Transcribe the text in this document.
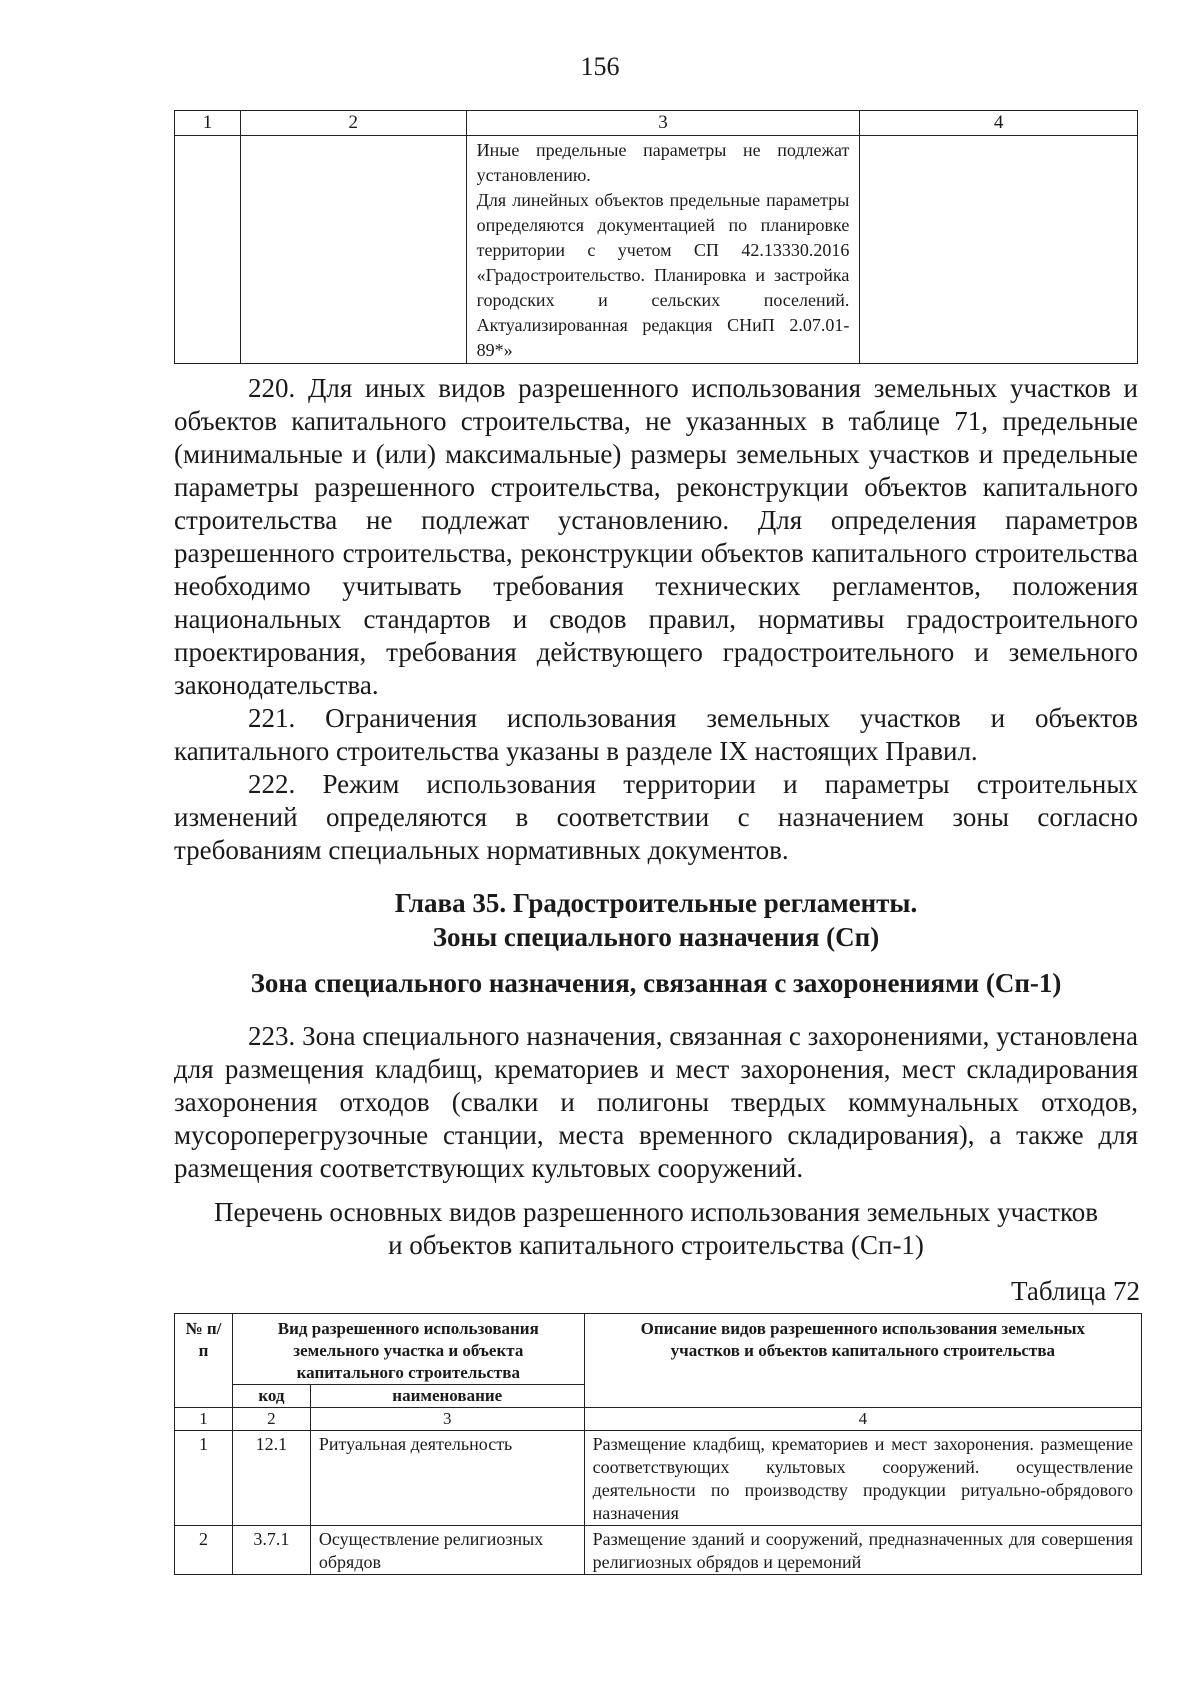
156
1	2	3	4

		Иные предельные параметры не подлежат установлению.

Для линейных объектов предельные параметры определяются документацией по планировке территории с учетом СП 42.13330.2016 «Градостроительство. Планировка и застройка городских и сельских поселений. Актуализированная редакция СНиП 2.07.01-89*»	

220. Для иных видов разрешенного использования земельных участков и объектов капитального строительства, не указанных в таблице 71, предельные (минимальные и (или) максимальные) размеры земельных участков и предельные параметры разрешенного строительства, реконструкции объектов капитального строительства не подлежат установлению. Для определения параметров разрешенного строительства, реконструкции объектов капитального строительства необходимо учитывать требования технических регламентов, положения национальных стандартов и сводов правил, нормативы градостроительного проектирования, требования действующего градостроительного и земельного законодательства.

221. Ограничения использования земельных участков и объектов капитального строительства указаны в разделе IX настоящих Правил.

222. Режим использования территории и параметры строительных изменений определяются в соответствии с назначением зоны согласно требованиям специальных нормативных документов.

Глава 35. Градостроительные регламенты.
Зоны специального назначения (Сп)
Зона специального назначения, связанная с захоронениями (Сп-1)

223. Зона специального назначения, связанная с захоронениями, установлена для размещения кладбищ, крематориев и мест захоронения, мест складирования захоронения отходов (свалки и полигоны твердых коммунальных отходов, мусороперегрузочные станции, места временного складирования), а также для размещения соответствующих культовых сооружений.

Перечень основных видов разрешенного использования земельных участков
и объектов капитального строительства (Сп-1)
Таблица 72
№ п/п	Вид разрешенного использования земельного участка и объекта капитального строительства		Описание видов разрешенного использования земельных участков и объектов капитального строительства
	код	наименование	
1	2	3	4
1	12.1	Ритуальная деятельность	Размещение кладбищ, крематориев и мест захоронения. размещение соответствующих культовых сооружений. осуществление деятельности по производству продукции ритуально-обрядового назначения
2	3.7.1	Осуществление религиозных обрядов	Размещение зданий и сооружений, предназначенных для совершения религиозных обрядов и церемоний
